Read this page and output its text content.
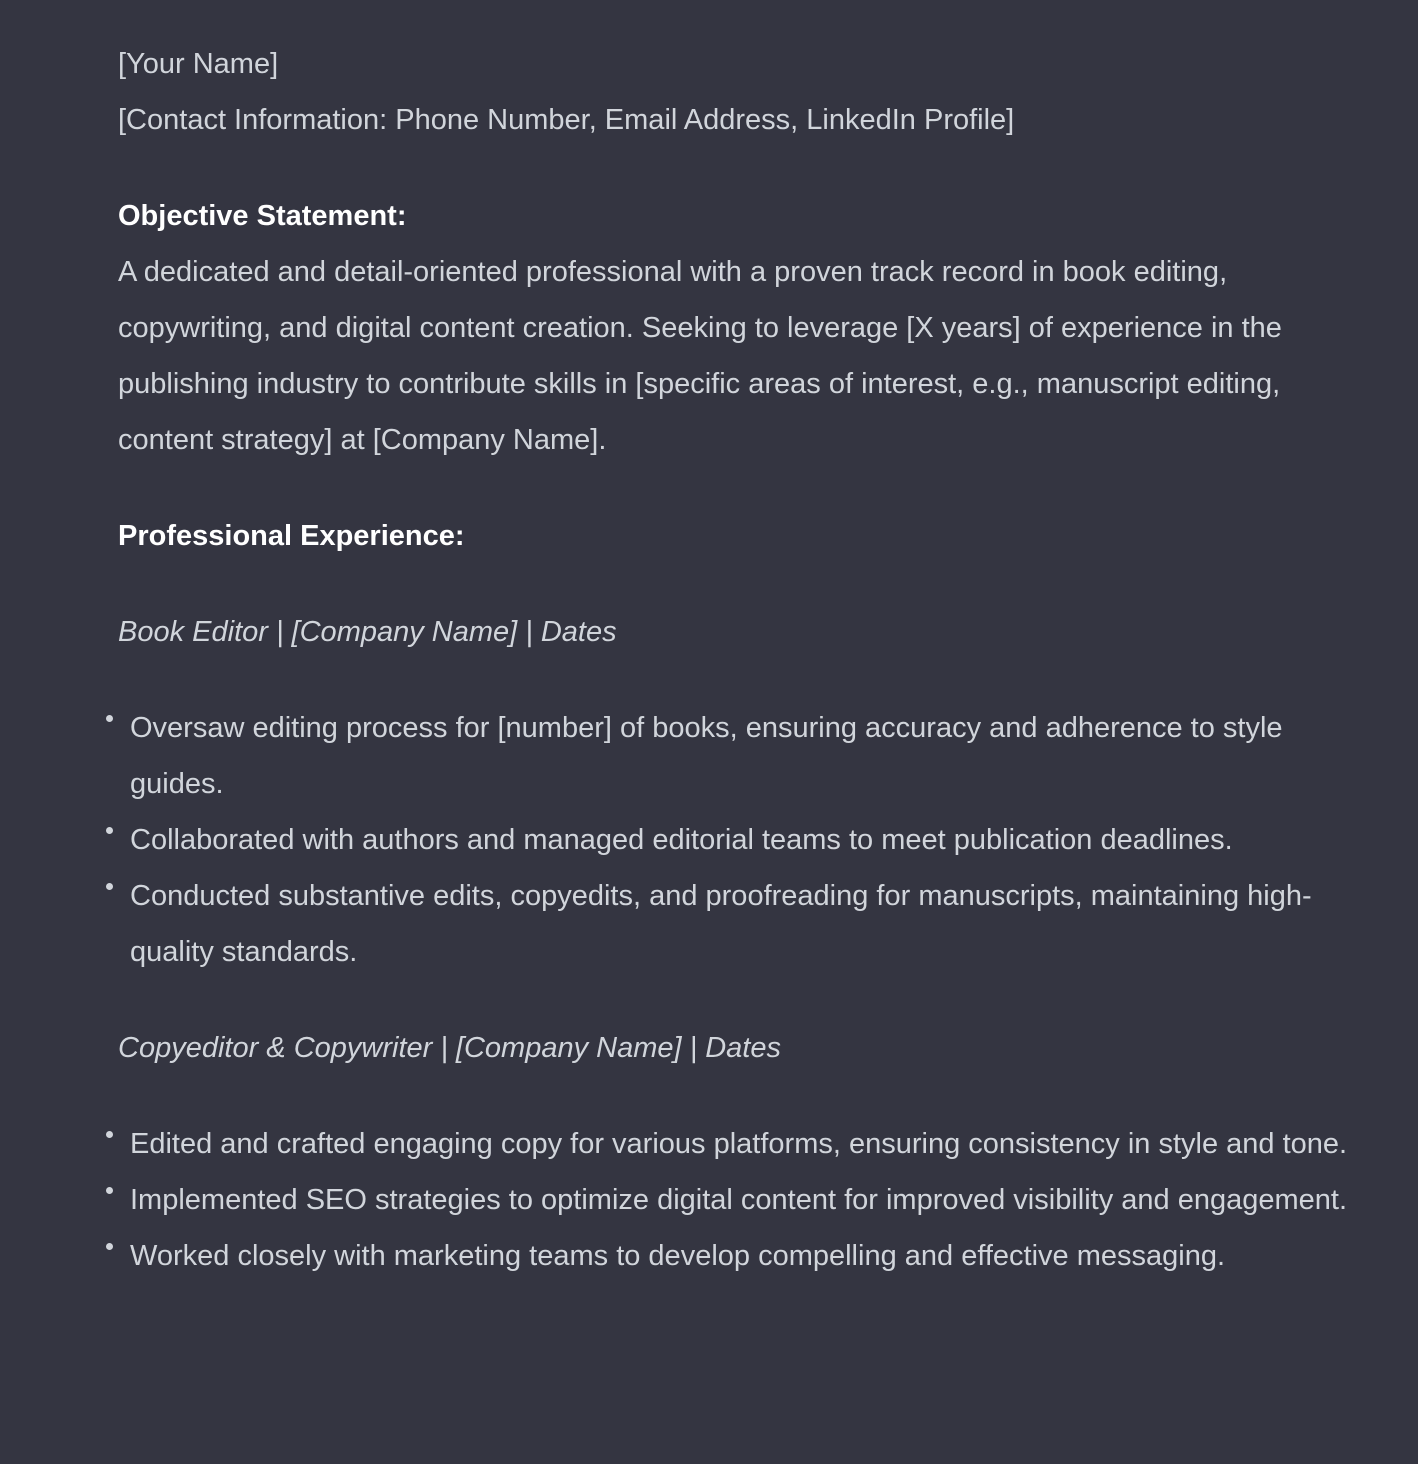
[Your Name]

[Contact Information: Phone Number, Email Address, LinkedIn Profile]

Objective Statement:

A dedicated and detail-oriented professional with a proven track record in book editing, copywriting, and digital content creation. Seeking to leverage [X years] of experience in the publishing industry to contribute skills in [specific areas of interest, e.g., manuscript editing, content strategy] at [Company Name].

Professional Experience:

Book Editor | [Company Name] | Dates

Oversaw editing process for [number] of books, ensuring accuracy and adherence to style guides.
Collaborated with authors and managed editorial teams to meet publication deadlines.
Conducted substantive edits, copyedits, and proofreading for manuscripts, maintaining high-quality standards.

Copyeditor & Copywriter | [Company Name] | Dates

Edited and crafted engaging copy for various platforms, ensuring consistency in style and tone.
Implemented SEO strategies to optimize digital content for improved visibility and engagement.
Worked closely with marketing teams to develop compelling and effective messaging.
